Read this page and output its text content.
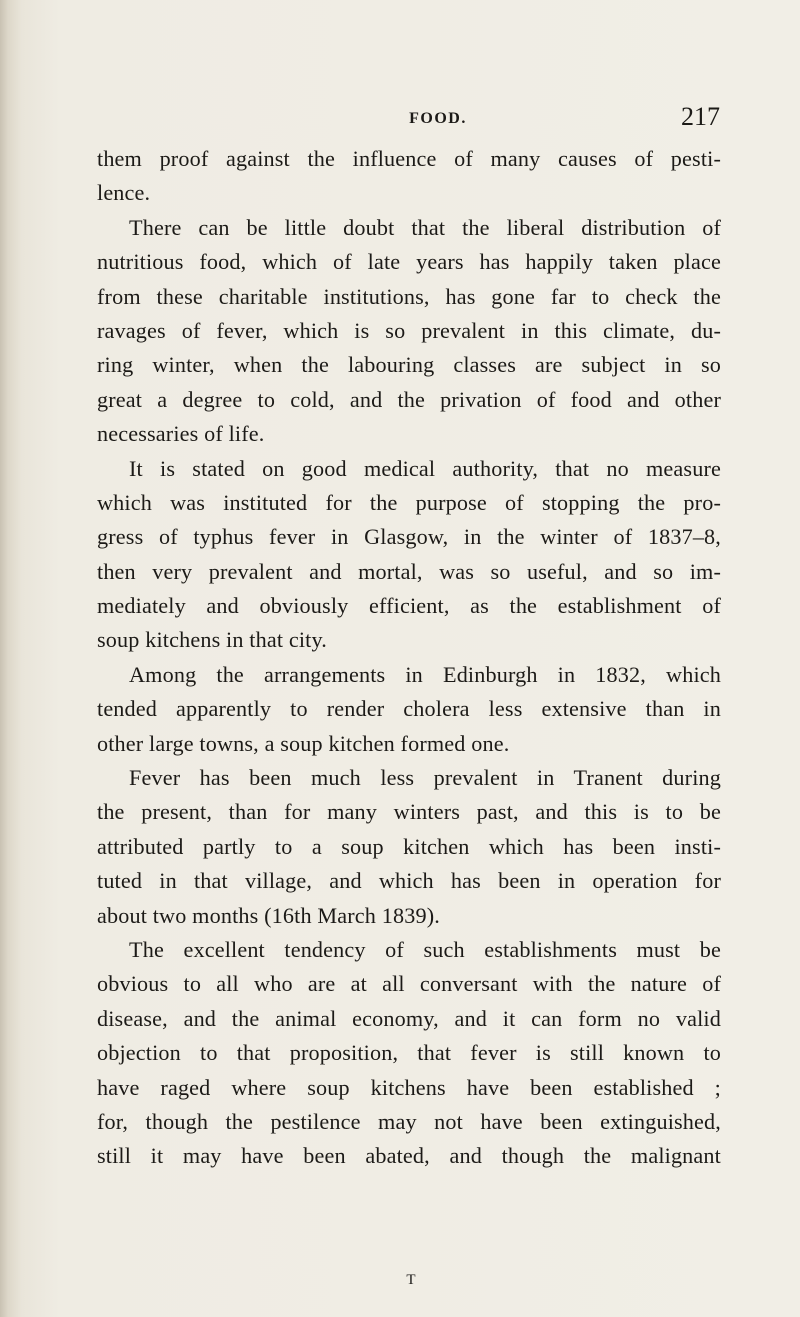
FOOD.	217
them proof against the influence of many causes of pesti-
lence.
There can be little doubt that the liberal distribution of
nutritious food, which of late years has happily taken place
from these charitable institutions, has gone far to check the
ravages of fever, which is so prevalent in this climate, du-
ring winter, when the labouring classes are subject in so
great a degree to cold, and the privation of food and other
necessaries of life.
It is stated on good medical authority, that no measure
which was instituted for the purpose of stopping the pro-
gress of typhus fever in Glasgow, in the winter of 1837–8,
then very prevalent and mortal, was so useful, and so im-
mediately and obviously efficient, as the establishment of
soup kitchens in that city.
Among the arrangements in Edinburgh in 1832, which
tended apparently to render cholera less extensive than in
other large towns, a soup kitchen formed one.
Fever has been much less prevalent in Tranent during
the present, than for many winters past, and this is to be
attributed partly to a soup kitchen which has been insti-
tuted in that village, and which has been in operation for
about two months (16th March 1839).
The excellent tendency of such establishments must be
obvious to all who are at all conversant with the nature of
disease, and the animal economy, and it can form no valid
objection to that proposition, that fever is still known to
have raged where soup kitchens have been established ;
for, though the pestilence may not have been extinguished,
still it may have been abated, and though the malignant
T
